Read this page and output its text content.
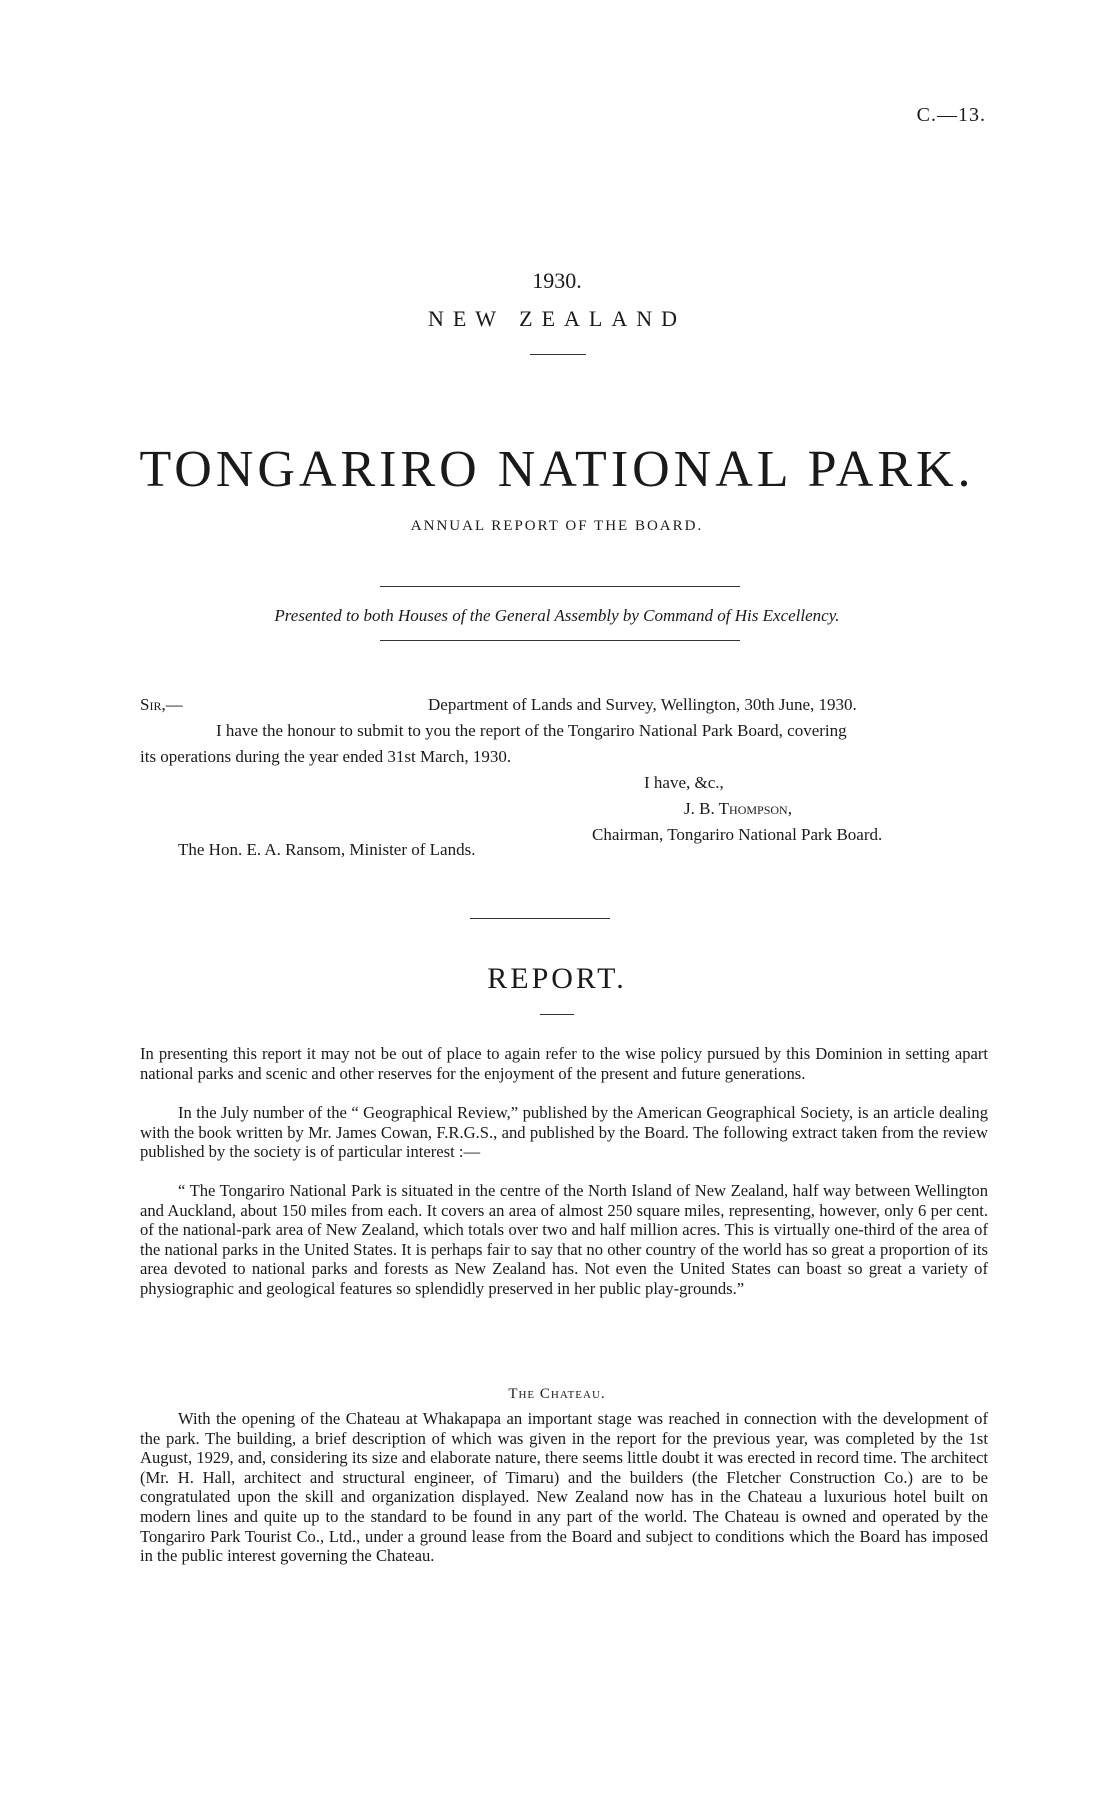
C.—13.
1930.
NEW ZEALAND
TONGARIRO NATIONAL PARK.
ANNUAL REPORT OF THE BOARD.
Presented to both Houses of the General Assembly by Command of His Excellency.
Sir,—	Department of Lands and Survey, Wellington, 30th June, 1930.
I have the honour to submit to you the report of the Tongariro National Park Board, covering
its operations during the year ended 31st March, 1930.
I have, &c.,
J. B. Thompson,
Chairman, Tongariro National Park Board.
The Hon. E. A. Ransom, Minister of Lands.
REPORT.

In presenting this report it may not be out of place to again refer to the wise policy pursued by this Dominion in setting apart national parks and scenic and other reserves for the enjoyment of the present and future generations.

In the July number of the “ Geographical Review,” published by the American Geographical Society, is an article dealing with the book written by Mr. James Cowan, F.R.G.S., and published by the Board. The following extract taken from the review published by the society is of particular interest :—

“ The Tongariro National Park is situated in the centre of the North Island of New Zealand, half way between Wellington and Auckland, about 150 miles from each. It covers an area of almost 250 square miles, representing, however, only 6 per cent. of the national-park area of New Zealand, which totals over two and half million acres. This is virtually one-third of the area of the national parks in the United States. It is perhaps fair to say that no other country of the world has so great a proportion of its area devoted to national parks and forests as New Zealand has. Not even the United States can boast so great a variety of physiographic and geological features so splendidly preserved in her public play-grounds.”

The Chateau.

With the opening of the Chateau at Whakapapa an important stage was reached in connection with the development of the park. The building, a brief description of which was given in the report for the previous year, was completed by the 1st August, 1929, and, considering its size and elaborate nature, there seems little doubt it was erected in record time. The architect (Mr. H. Hall, architect and structural engineer, of Timaru) and the builders (the Fletcher Construction Co.) are to be congratulated upon the skill and organization displayed. New Zealand now has in the Chateau a luxurious hotel built on modern lines and quite up to the standard to be found in any part of the world. The Chateau is owned and operated by the Tongariro Park Tourist Co., Ltd., under a ground lease from the Board and subject to conditions which the Board has imposed in the public interest governing the Chateau.
